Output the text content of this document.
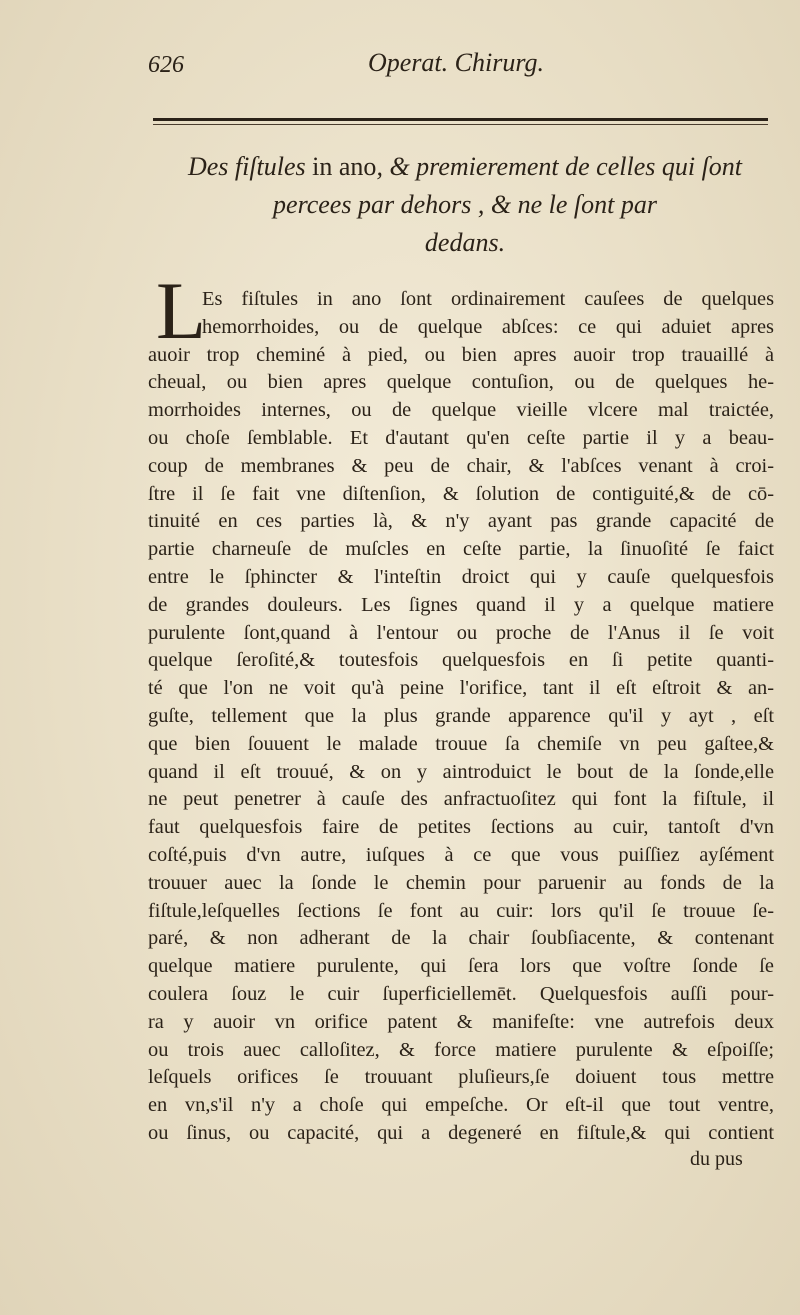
626	Operat. Chirurg.
Des fiſtules in ano, & premierement de celles qui ſont
percees par dehors , & ne le ſont par
dedans.
L
Es fiſtules in ano ſont ordinairement cauſees de quelques
hemorrhoides, ou de quelque abſces: ce qui aduiet apres
auoir trop cheminé à pied, ou bien apres auoir trop trauaillé à
cheual, ou bien apres quelque contuſion, ou de quelques he-
morrhoides internes, ou de quelque vieille vlcere mal traictée,
ou choſe ſemblable. Et d'autant qu'en ceſte partie il y a beau-
coup de membranes & peu de chair, & l'abſces venant à croi-
ſtre il ſe fait vne diſtenſion, & ſolution de contiguité,& de cō-
tinuité en ces parties là, & n'y ayant pas grande capacité de
partie charneuſe de muſcles en ceſte partie, la ſinuoſité ſe faict
entre le ſphincter & l'inteſtin droict qui y cauſe quelquesfois
de grandes douleurs. Les ſignes quand il y a quelque matiere
purulente ſont,quand à l'entour ou proche de l'Anus il ſe voit
quelque ſeroſité,& toutesfois quelquesfois en ſi petite quanti-
té que l'on ne voit qu'à peine l'orifice, tant il eſt eſtroit & an-
guſte, tellement que la plus grande apparence qu'il y ayt , eſt
que bien ſouuent le malade trouue ſa chemiſe vn peu gaſtee,&
quand il eſt trouué, & on y aintroduict le bout de la ſonde,elle
ne peut penetrer à cauſe des anfractuoſitez qui font la fiſtule, il
faut quelquesfois faire de petites ſections au cuir, tantoſt d'vn
coſté,puis d'vn autre, iuſques à ce que vous puiſſiez ayſément
trouuer auec la ſonde le chemin pour paruenir au fonds de la
fiſtule,leſquelles ſections ſe font au cuir: lors qu'il ſe trouue ſe-
paré, & non adherant de la chair ſoubſiacente, & contenant
quelque matiere purulente, qui ſera lors que voſtre ſonde ſe
coulera ſouz le cuir ſuperficiellemēt. Quelquesfois auſſi pour-
ra y auoir vn orifice patent & manifeſte: vne autrefois deux
ou trois auec calloſitez, & force matiere purulente & eſpoiſſe;
leſquels orifices ſe trouuant pluſieurs,ſe doiuent tous mettre
en vn,s'il n'y a choſe qui empeſche. Or eſt-il que tout ventre,
ou ſinus, ou capacité, qui a degeneré en fiſtule,& qui contient
du pus
